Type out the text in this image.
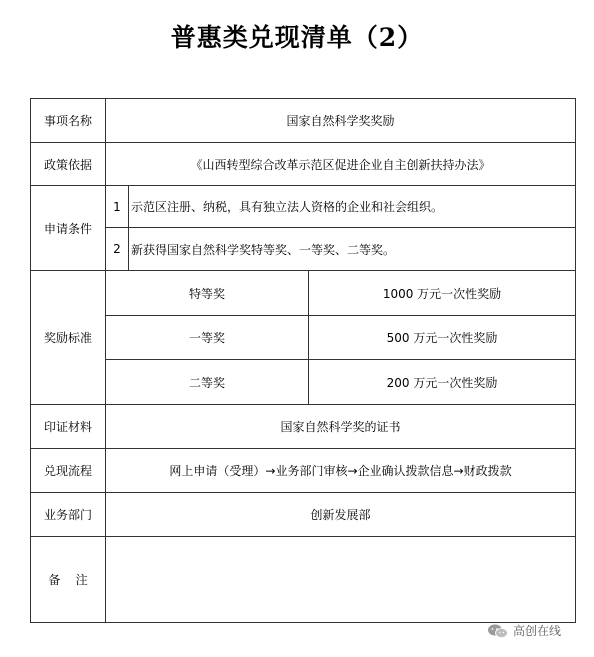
普惠类兑现清单（2）
事项名称	国家自然科学奖奖励		
政策依据	《山西转型综合改革示范区促进企业自主创新扶持办法》		
申请条件	1	示范区注册、纳税，具有独立法人资格的企业和社会组织。	
	2	新获得国家自然科学奖特等奖、一等奖、二等奖。	
奖励标准	特等奖		1000 万元一次性奖励
	一等奖		500 万元一次性奖励
	二等奖		200 万元一次性奖励
印证材料	国家自然科学奖的证书		
兑现流程	网上申请（受理）→业务部门审核→企业确认拨款信息→财政拨款		
业务部门	创新发展部		
备    注			
高创在线
